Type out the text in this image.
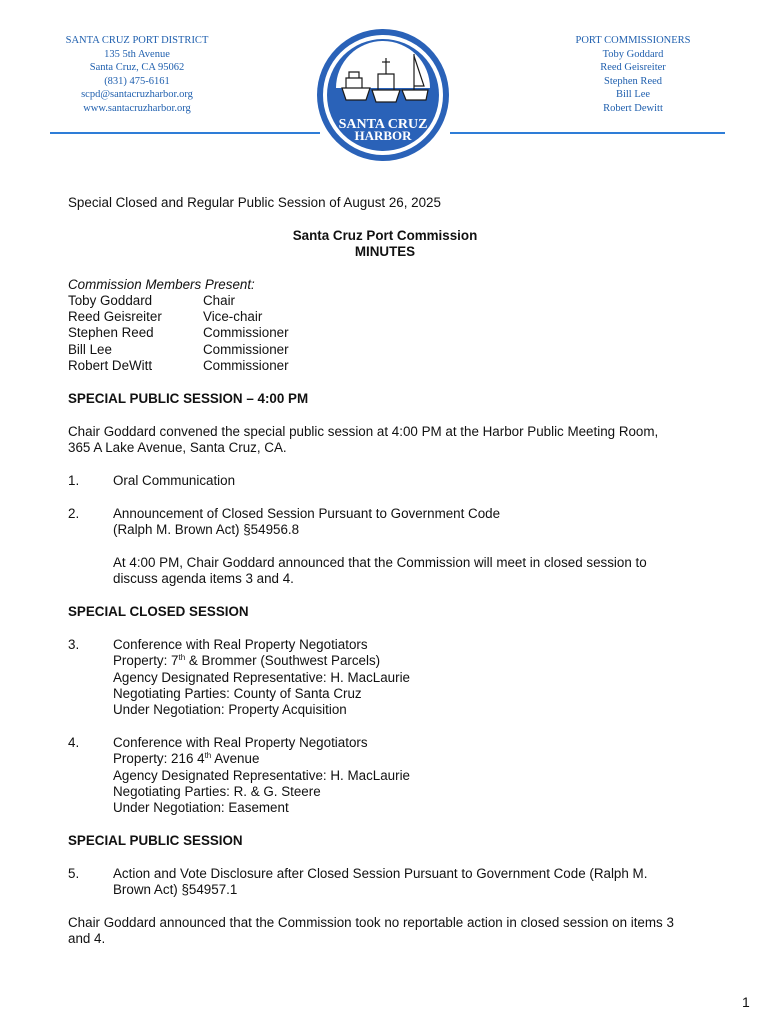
SANTA CRUZ PORT DISTRICT
135 5th Avenue
Santa Cruz, CA 95062
(831) 475-6161
scpd@santacruzharbor.org
www.santacruzharbor.org
PORT COMMISSIONERS
Toby Goddard
Reed Geisreiter
Stephen Reed
Bill Lee
Robert Dewitt
SANTA CRUZ
HARBOR
Special Closed and Regular Public Session of August 26, 2025
Santa Cruz Port Commission
MINUTES
Commission Members Present:
Toby Goddard	Chair
Reed Geisreiter	Vice-chair
Stephen Reed	Commissioner
Bill Lee	Commissioner
Robert DeWitt	Commissioner
SPECIAL PUBLIC SESSION – 4:00 PM
Chair Goddard convened the special public session at 4:00 PM at the Harbor Public Meeting Room,
365 A Lake Avenue, Santa Cruz, CA.
1.	Oral Communication
2.	Announcement of Closed Session Pursuant to Government Code
(Ralph M. Brown Act) §54956.8
At 4:00 PM, Chair Goddard announced that the Commission will meet in closed session to
discuss agenda items 3 and 4.
SPECIAL CLOSED SESSION
3.	Conference with Real Property Negotiators
Property: 7th & Brommer (Southwest Parcels)
Agency Designated Representative: H. MacLaurie
Negotiating Parties: County of Santa Cruz
Under Negotiation: Property Acquisition
4.	Conference with Real Property Negotiators
Property: 216 4th Avenue
Agency Designated Representative: H. MacLaurie
Negotiating Parties: R. & G. Steere
Under Negotiation: Easement
SPECIAL PUBLIC SESSION
5.	Action and Vote Disclosure after Closed Session Pursuant to Government Code (Ralph M.
Brown Act) §54957.1
Chair Goddard announced that the Commission took no reportable action in closed session on items 3
and 4.
1
